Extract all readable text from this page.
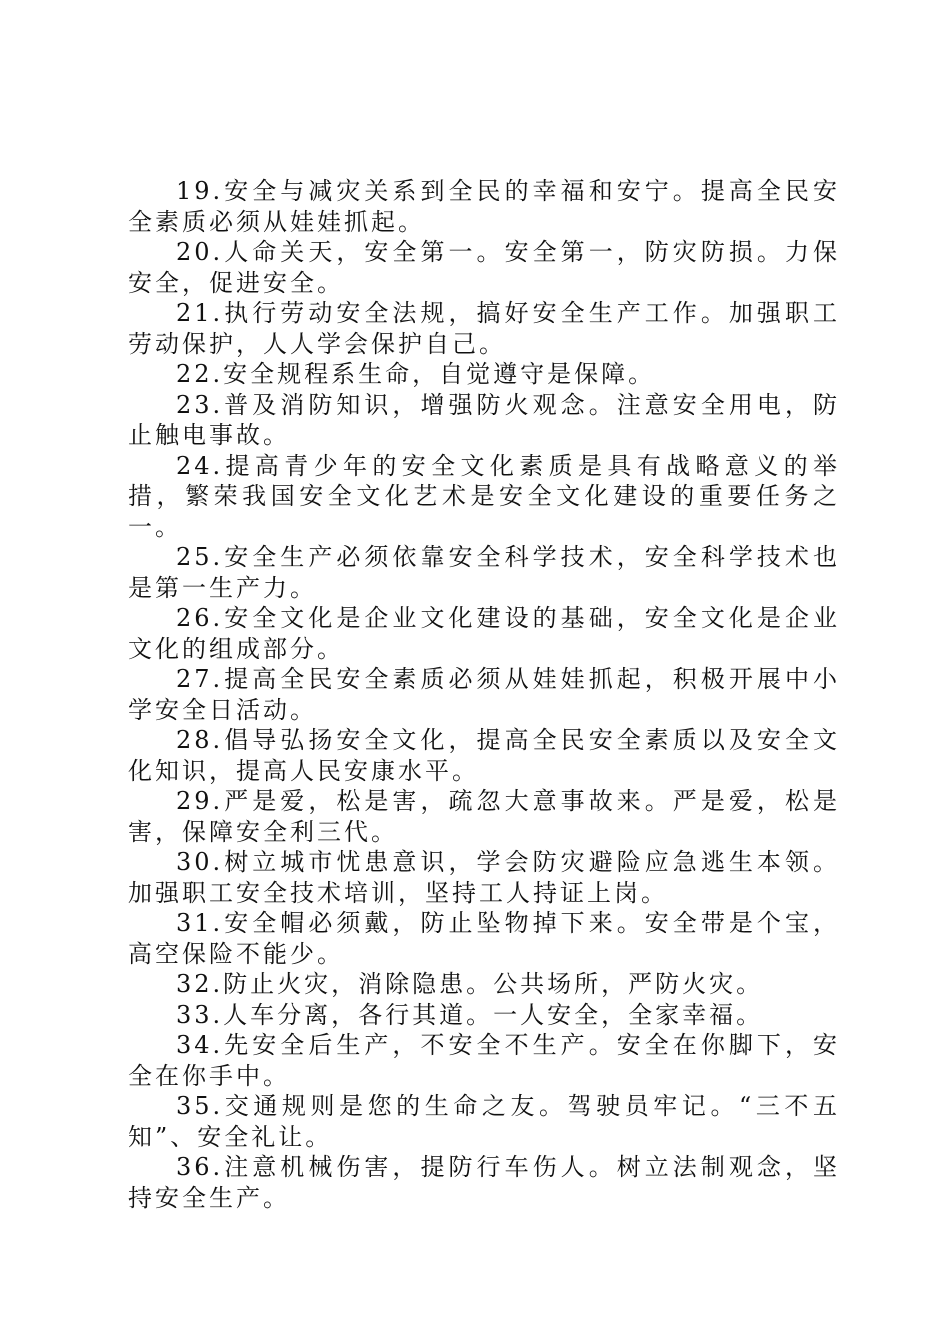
19.安全与减灾关系到全民的幸福和安宁。提高全民安全素质必须从娃娃抓起。

20.人命关天，安全第一。安全第一，防灾防损。力保安全，促进安全。

21.执行劳动安全法规，搞好安全生产工作。加强职工劳动保护，人人学会保护自己。

22.安全规程系生命，自觉遵守是保障。

23.普及消防知识，增强防火观念。注意安全用电，防止触电事故。

24.提高青少年的安全文化素质是具有战略意义的举措，繁荣我国安全文化艺术是安全文化建设的重要任务之一。

25.安全生产必须依靠安全科学技术，安全科学技术也是第一生产力。

26.安全文化是企业文化建设的基础，安全文化是企业文化的组成部分。

27.提高全民安全素质必须从娃娃抓起，积极开展中小学安全日活动。

28.倡导弘扬安全文化，提高全民安全素质以及安全文化知识，提高人民安康水平。

29.严是爱，松是害，疏忽大意事故来。严是爱，松是害，保障安全利三代。

30.树立城市忧患意识，学会防灾避险应急逃生本领。加强职工安全技术培训，坚持工人持证上岗。

31.安全帽必须戴，防止坠物掉下来。安全带是个宝，高空保险不能少。

32.防止火灾，消除隐患。公共场所，严防火灾。

33.人车分离，各行其道。一人安全，全家幸福。

34.先安全后生产，不安全不生产。安全在你脚下，安全在你手中。

35.交通规则是您的生命之友。驾驶员牢记。“三不五知”、安全礼让。

36.注意机械伤害，提防行车伤人。树立法制观念，坚持安全生产。
